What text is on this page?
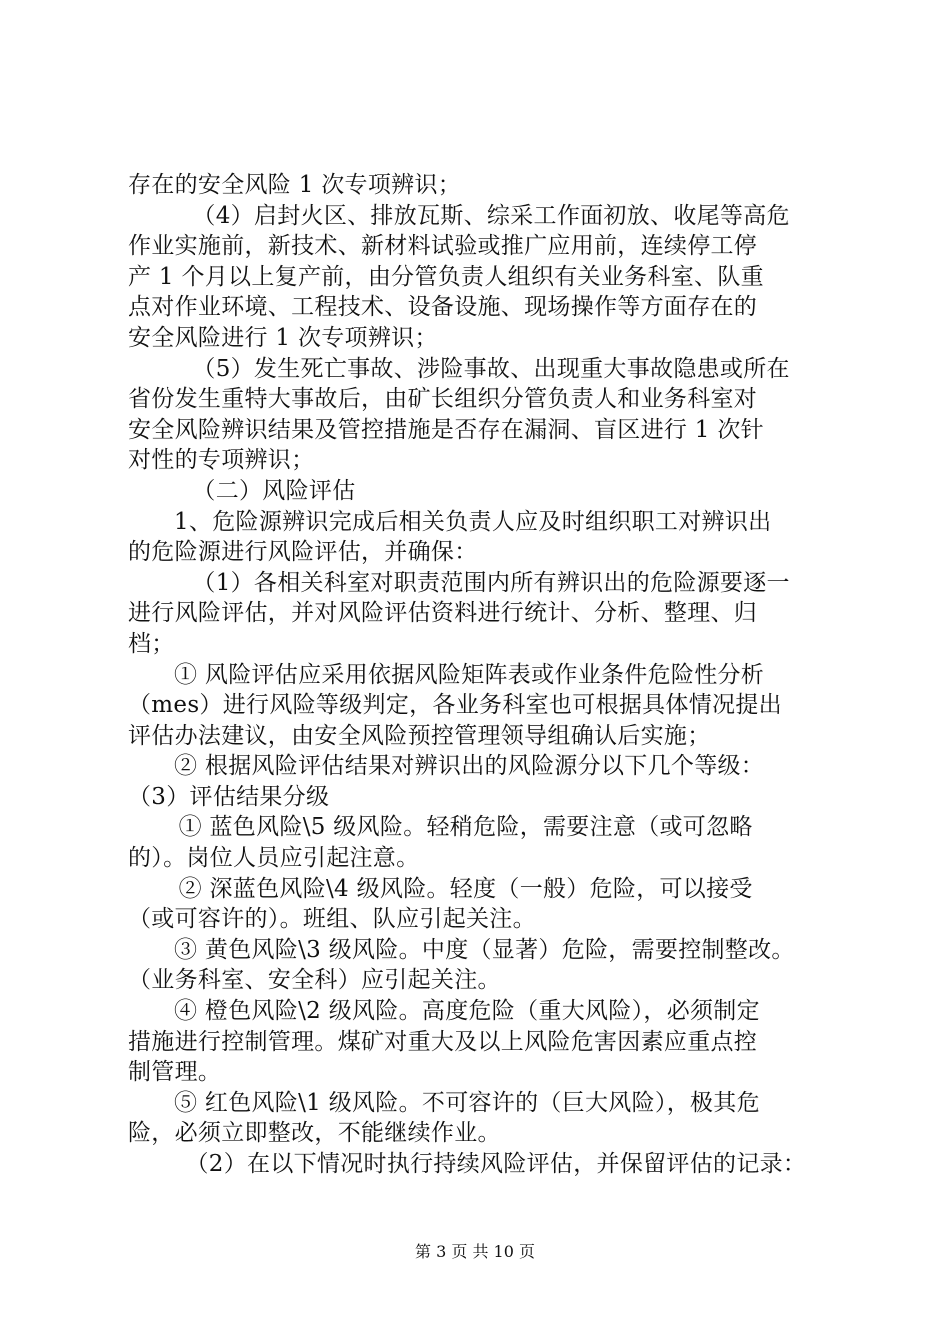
存在的安全风险 1 次专项辨识；
（4）启封火区、排放瓦斯、综采工作面初放、收尾等高危
作业实施前，新技术、新材料试验或推广应用前，连续停工停
产 1 个月以上复产前，由分管负责人组织有关业务科室、队重
点对作业环境、工程技术、设备设施、现场操作等方面存在的
安全风险进行 1 次专项辨识；
（5）发生死亡事故、涉险事故、出现重大事故隐患或所在
省份发生重特大事故后，由矿长组织分管负责人和业务科室对
安全风险辨识结果及管控措施是否存在漏洞、盲区进行 1 次针
对性的专项辨识；
（二）风险评估
1、危险源辨识完成后相关负责人应及时组织职工对辨识出
的危险源进行风险评估，并确保：
（1）各相关科室对职责范围内所有辨识出的危险源要逐一
进行风险评估，并对风险评估资料进行统计、分析、整理、归
档；
① 风险评估应采用依据风险矩阵表或作业条件危险性分析
（mes）进行风险等级判定，各业务科室也可根据具体情况提出
评估办法建议，由安全风险预控管理领导组确认后实施；
② 根据风险评估结果对辨识出的风险源分以下几个等级：
（3）评估结果分级
① 蓝色风险\5 级风险。轻稍危险，需要注意（或可忽略
的）。岗位人员应引起注意。
② 深蓝色风险\4 级风险。轻度（一般）危险，可以接受
（或可容许的）。班组、队应引起关注。
③ 黄色风险\3 级风险。中度（显著）危险，需要控制整改。
（业务科室、安全科）应引起关注。
④ 橙色风险\2 级风险。高度危险（重大风险），必须制定
措施进行控制管理。煤矿对重大及以上风险危害因素应重点控
制管理。
⑤ 红色风险\1 级风险。不可容许的（巨大风险），极其危
险，必须立即整改，不能继续作业。
（2）在以下情况时执行持续风险评估，并保留评估的记录：
第 3 页 共 10 页
